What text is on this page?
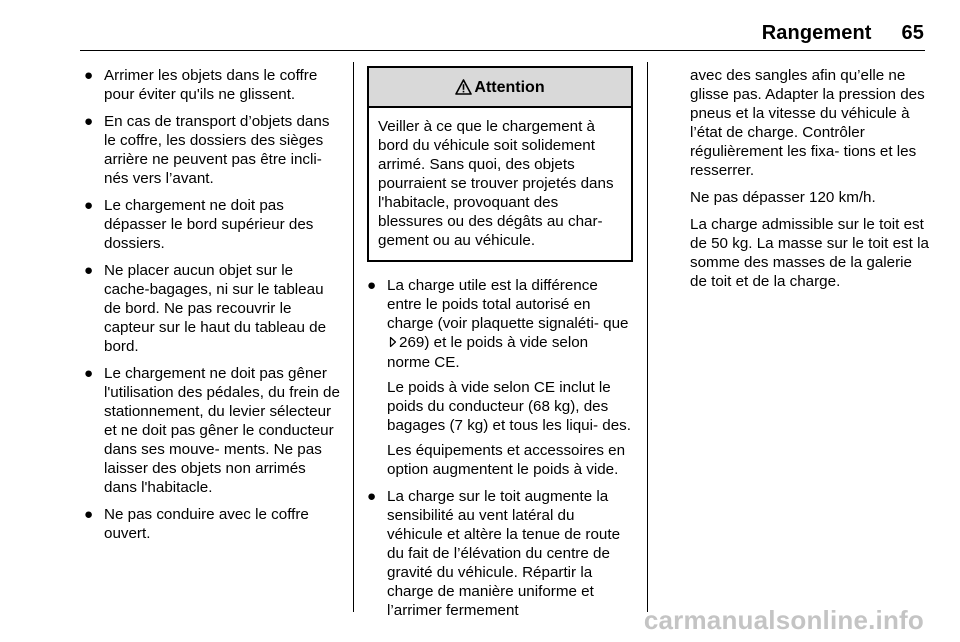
Rangement 65
● Arrimer les objets dans le coffre pour éviter qu'ils ne glissent.
● En cas de transport d’objets dans le coffre, les dossiers des sièges arrière ne peuvent pas être incli‐ nés vers l’avant.
● Le chargement ne doit pas dépasser le bord supérieur des dossiers.
● Ne placer aucun objet sur le cache-bagages, ni sur le tableau de bord. Ne pas recouvrir le capteur sur le haut du tableau de bord.
● Le chargement ne doit pas gêner l'utilisation des pédales, du frein de stationnement, du levier sélecteur et ne doit pas gêner le conducteur dans ses mouve‐ ments. Ne pas laisser des objets non arrimés dans l'habitacle.
● Ne pas conduire avec le coffre ouvert.
Attention
Veiller à ce que le chargement à bord du véhicule soit solidement arrimé. Sans quoi, des objets pourraient se trouver projetés dans l'habitacle, provoquant des blessures ou des dégâts au char‐ gement ou au véhicule.
● La charge utile est la différence entre le poids total autorisé en charge (voir plaquette signaléti‐ que269) et le poids à vide selon norme CE.

Le poids à vide selon CE inclut le poids du conducteur (68 kg), des bagages (7 kg) et tous les liqui‐ des.

Les équipements et accessoires en option augmentent le poids à vide.

● La charge sur le toit augmente la sensibilité au vent latéral du véhicule et altère la tenue de route du fait de l’élévation du centre de gravité du véhicule. Répartir la charge de manière uniforme et l’arrimer fermement

avec des sangles afin qu’elle ne glisse pas. Adapter la pression des pneus et la vitesse du véhicule à l’état de charge. Contrôler régulièrement les fixa‐ tions et les resserrer.

Ne pas dépasser 120 km/h.

La charge admissible sur le toit est de 50 kg. La masse sur le toit est la somme des masses de la galerie de toit et de la charge.

carmanualsonline.info
